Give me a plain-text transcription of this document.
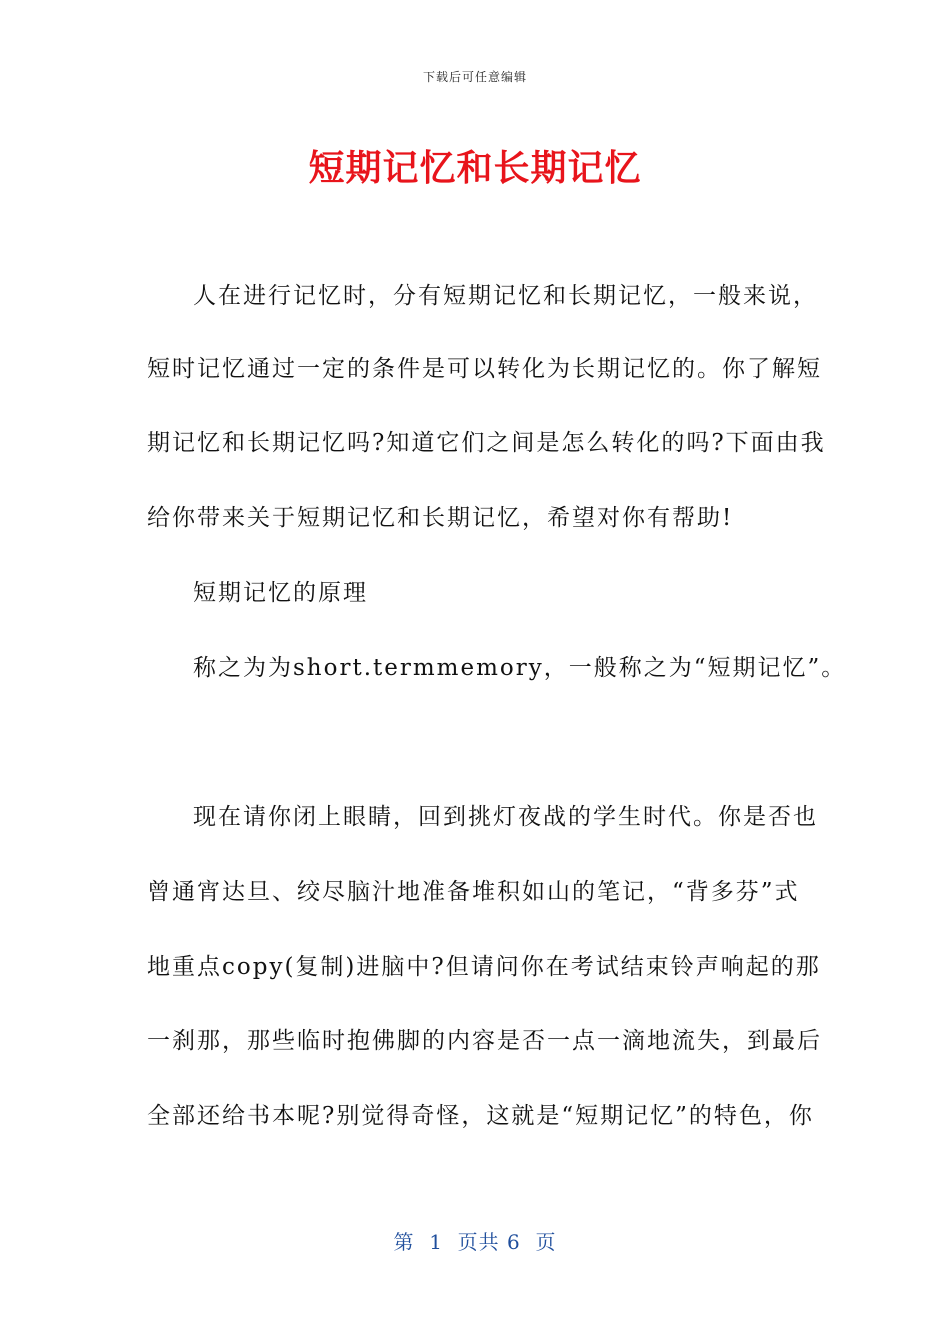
下载后可任意编辑
短期记忆和长期记忆
人在进行记忆时，分有短期记忆和长期记忆，一般来说，
短时记忆通过一定的条件是可以转化为长期记忆的。你了解短
期记忆和长期记忆吗?知道它们之间是怎么转化的吗?下面由我
给你带来关于短期记忆和长期记忆，希望对你有帮助!
短期记忆的原理
称之为为short.termmemory，一般称之为“短期记忆”。
现在请你闭上眼睛，回到挑灯夜战的学生时代。你是否也
曾通宵达旦、绞尽脑汁地准备堆积如山的笔记，“背多芬”式
地重点copy(复制)进脑中?但请问你在考试结束铃声响起的那
一刹那，那些临时抱佛脚的内容是否一点一滴地流失，到最后
全部还给书本呢?别觉得奇怪，这就是“短期记忆”的特色，你
第  1  页共 6  页
